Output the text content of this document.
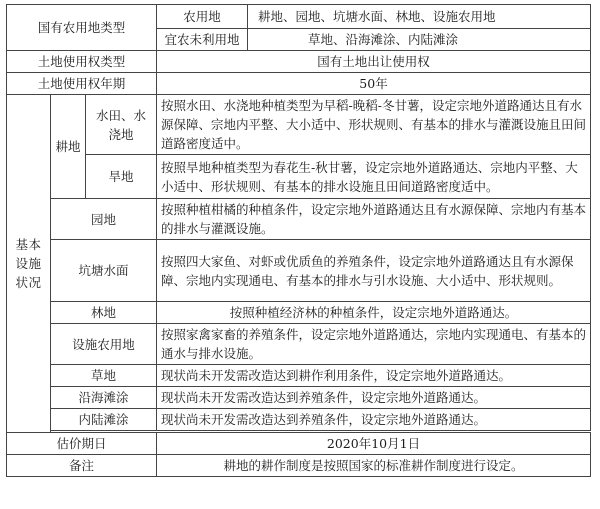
国有农用地类型			农用地 耕地、园地、坑塘水面、林地、设施农用地
			宜农未利用地 草地、沿海滩涂、内陆滩涂
土地使用权类型			国有土地出让使用权
土地使用权年期			50年
基本设施状况	耕地	水田、水浇地	按照水田、水浇地种植类型为早稻-晚稻-冬甘薯，设定宗地外道路通达且有水源保障、宗地内平整、大小适中、形状规则、有基本的排水与灌溉设施且田间道路密度适中。
		旱地	按照旱地种植类型为春花生-秋甘薯，设定宗地外道路通达、宗地内平整、大小适中、形状规则、有基本的排水设施且田间道路密度适中。
	园地		按照种植柑橘的种植条件，设定宗地外道路通达且有水源保障、宗地内有基本的排水与灌溉设施。
	坑塘水面		按照四大家鱼、对虾或优质鱼的养殖条件，设定宗地外道路通达且有水源保障、宗地内实现通电、有基本的排水与引水设施、大小适中、形状规则。
	林地		按照种植经济林的种植条件，设定宗地外道路通达。
	设施农用地		按照家禽家畜的养殖条件，设定宗地外道路通达，宗地内实现通电、有基本的通水与排水设施。
	草地		现状尚未开发需改造达到耕作利用条件，设定宗地外道路通达。
	沿海滩涂		现状尚未开发需改造达到养殖条件，设定宗地外道路通达。
	内陆滩涂		现状尚未开发需改造达到养殖条件，设定宗地外道路通达。

估价期日			2020年10月1日
备注			耕地的耕作制度是按照国家的标准耕作制度进行设定。
